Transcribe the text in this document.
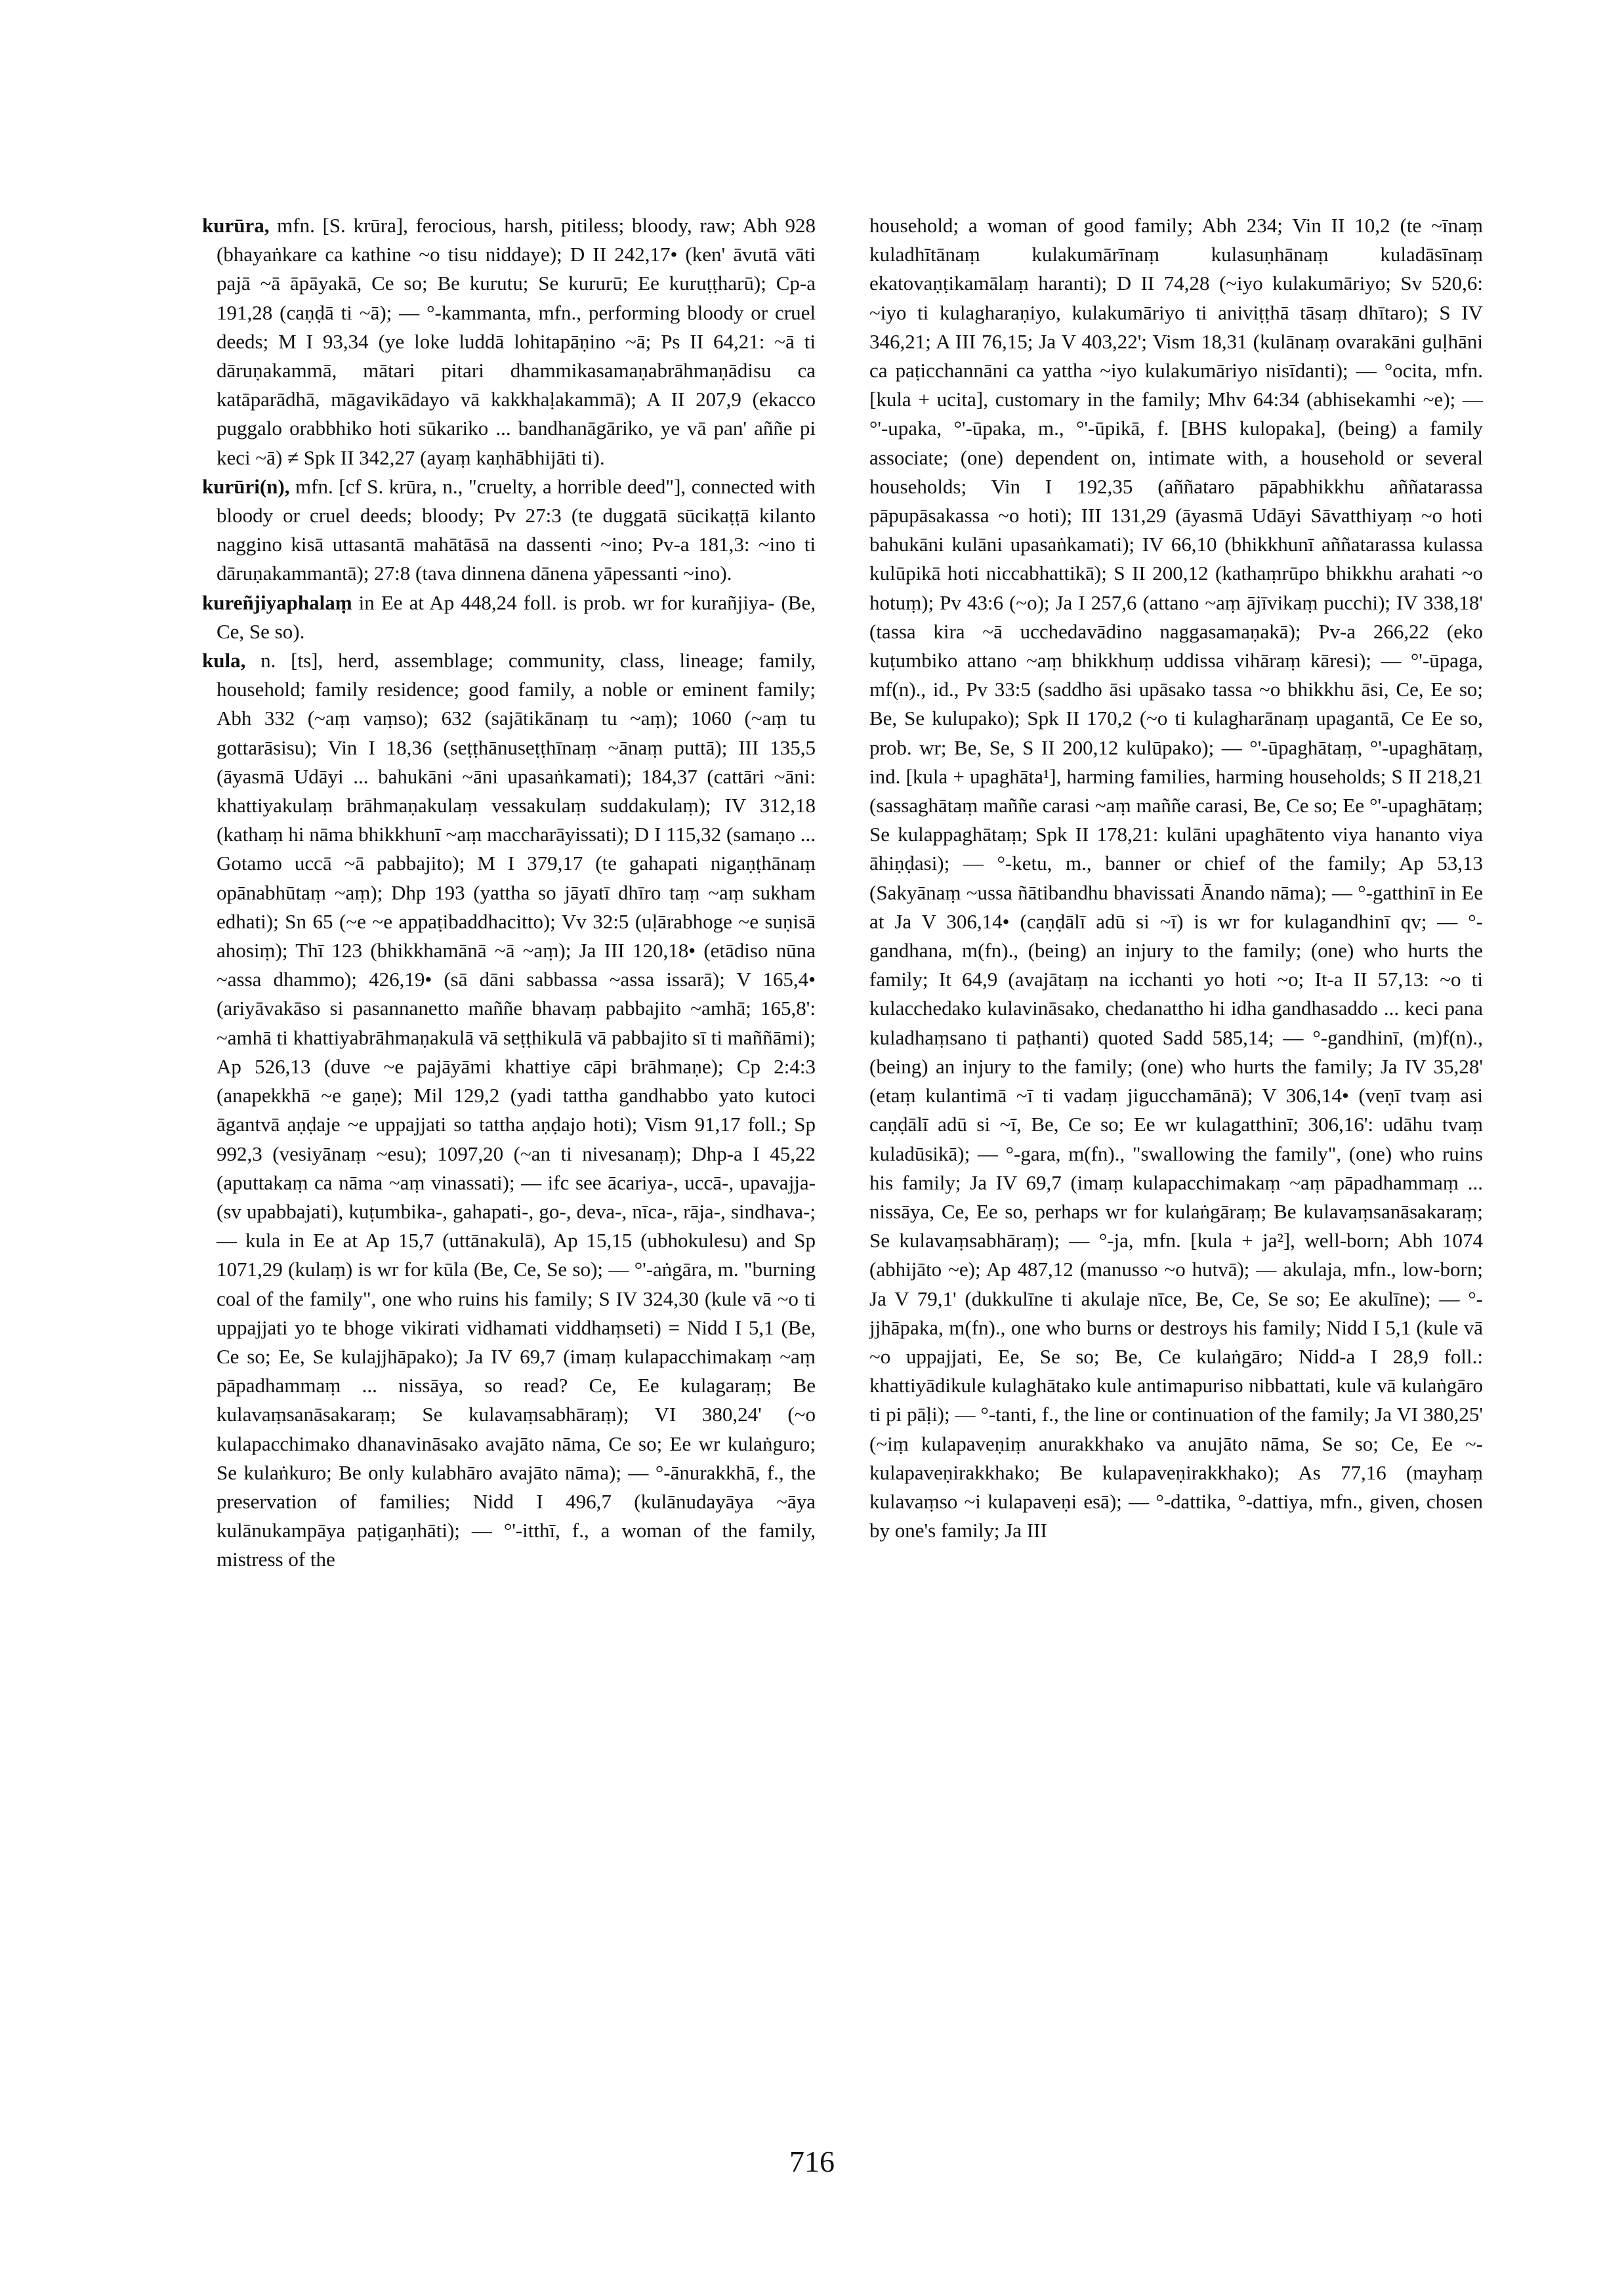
kurūra, mfn. [S. krūra], ferocious, harsh, pitiless; bloody, raw; Abh 928 (bhayaṅkare ca kathine ~o tisu niddaye); D II 242,17• (ken' āvutā vāti pajā ~ā āpāyakā, Ce so; Be kurutu; Se kururū; Ee kuruṭṭharū); Cp-a 191,28 (caṇḍā ti ~ā); — °-kammanta, mfn., performing bloody or cruel deeds; M I 93,34 (ye loke luddā lohitapāṇino ~ā; Ps II 64,21: ~ā ti dāruṇakammā, mātari pitari dhammikasamaṇabrāhmaṇādisu ca katāparādhā, māgavikādayo vā kakkhaḷakammā); A II 207,9 (ekacco puggalo orabbhiko hoti sūkariko ... bandhanāgāriko, ye vā pan' aññe pi keci ~ā) ≠ Spk II 342,27 (ayaṃ kaṇhābhijāti ti).

kurūri(n), mfn. [cf S. krūra, n., "cruelty, a horrible deed"], connected with bloody or cruel deeds; bloody; Pv 27:3 (te duggatā sūcikaṭṭā kilanto naggino kisā uttasantā mahātāsā na dassenti ~ino; Pv-a 181,3: ~ino ti dāruṇakammantā); 27:8 (tava dinnena dānena yāpessanti ~ino).

kureñjiyaphalaṃ in Ee at Ap 448,24 foll. is prob. wr for kurañjiya- (Be, Ce, Se so).

kula, n. [ts], herd, assemblage; community, class, lineage; family, household; family residence; good family, a noble or eminent family; Abh 332 (~aṃ vaṃso); 632 (sajātikānaṃ tu ~aṃ); 1060 (~aṃ tu gottarāsisu); Vin I 18,36 (seṭṭhānuseṭṭhīnaṃ ~ānaṃ puttā); III 135,5 (āyasmā Udāyi ... bahukāni ~āni upasaṅkamati); 184,37 (cattāri ~āni: khattiyakulaṃ brāhmaṇakulaṃ vessakulaṃ suddakulaṃ); IV 312,18 (kathaṃ hi nāma bhikkhunī ~aṃ maccharāyissati); D I 115,32 (samaṇo ... Gotamo uccā ~ā pabbajito); M I 379,17 (te gahapati nigaṇṭhānaṃ opānabhūtaṃ ~aṃ); Dhp 193 (yattha so jāyatī dhīro taṃ ~aṃ sukham edhati); Sn 65 (~e ~e appaṭibaddhacitto); Vv 32:5 (uḷārabhoge ~e suṇisā ahosiṃ); Thī 123 (bhikkhamānā ~ā ~aṃ); Ja III 120,18• (etādiso nūna ~assa dhammo); 426,19• (sā dāni sabbassa ~assa issarā); V 165,4• (ariyāvakāso si pasannanetto maññe bhavaṃ pabbajito ~amhā; 165,8': ~amhā ti khattiyabrāhmaṇakulā vā seṭṭhikulā vā pabbajito sī ti maññāmi); Ap 526,13 (duve ~e pajāyāmi khattiye cāpi brāhmaṇe); Cp 2:4:3 (anapekkhā ~e gaṇe); Mil 129,2 (yadi tattha gandhabbo yato kutoci āgantvā aṇḍaje ~e uppajjati so tattha aṇḍajo hoti); Vism 91,17 foll.; Sp 992,3 (vesiyānaṃ ~esu); 1097,20 (~an ti nivesanaṃ); Dhp-a I 45,22 (aputtakaṃ ca nāma ~aṃ vinassati); — ifc see ācariya-, uccā-, upavajja- (sv upabbajati), kuṭumbika-, gahapati-, go-, deva-, nīca-, rāja-, sindhava-; — kula in Ee at Ap 15,7 (uttānakulā), Ap 15,15 (ubhokulesu) and Sp 1071,29 (kulaṃ) is wr for kūla (Be, Ce, Se so); — °'-aṅgāra, m. "burning coal of the family", one who ruins his family; S IV 324,30 (kule vā ~o ti uppajjati yo te bhoge vikirati vidhamati viddhaṃseti) = Nidd I 5,1 (Be, Ce so; Ee, Se kulajjhāpako); Ja IV 69,7 (imaṃ kulapacchimakaṃ ~aṃ pāpadhammaṃ ... nissāya, so read? Ce, Ee kulagaraṃ; Be kulavaṃsanāsakaraṃ; Se kulavaṃsabhāraṃ); VI 380,24' (~o kulapacchimako dhanavināsako avajāto nāma, Ce so; Ee wr kulaṅguro; Se kulaṅkuro; Be only kulabhāro avajāto nāma); — °-ānurakkhā, f., the preservation of families; Nidd I 496,7 (kulānudayāya ~āya kulānukampāya paṭigaṇhāti); — °'-itthī, f., a woman of the family, mistress of the

household; a woman of good family; Abh 234; Vin II 10,2 (te ~īnaṃ kuladhītānaṃ kulakumārīnaṃ kulasuṇhānaṃ kuladāsīnaṃ ekatovaṇṭikamālaṃ haranti); D II 74,28 (~iyo kulakumāriyo; Sv 520,6: ~iyo ti kulagharaṇiyo, kulakumāriyo ti aniviṭṭhā tāsaṃ dhītaro); S IV 346,21; A III 76,15; Ja V 403,22'; Vism 18,31 (kulānaṃ ovarakāni guḷhāni ca paṭicchannāni ca yattha ~iyo kulakumāriyo nisīdanti); — °ocita, mfn. [kula + ucita], customary in the family; Mhv 64:34 (abhisekamhi ~e); — °'-upaka, °'-ūpaka, m., °'-ūpikā, f. [BHS kulopaka], (being) a family associate; (one) dependent on, intimate with, a household or several households; Vin I 192,35 (aññataro pāpabhikkhu aññatarassa pāpupāsakassa ~o hoti); III 131,29 (āyasmā Udāyi Sāvatthiyaṃ ~o hoti bahukāni kulāni upasaṅkamati); IV 66,10 (bhikkhunī aññatarassa kulassa kulūpikā hoti niccabhattikā); S II 200,12 (kathaṃrūpo bhikkhu arahati ~o hotuṃ); Pv 43:6 (~o); Ja I 257,6 (attano ~aṃ ājīvikaṃ pucchi); IV 338,18' (tassa kira ~ā ucchedavādino naggasamaṇakā); Pv-a 266,22 (eko kuṭumbiko attano ~aṃ bhikkhuṃ uddissa vihāraṃ kāresi); — °'-ūpaga, mf(n)., id., Pv 33:5 (saddho āsi upāsako tassa ~o bhikkhu āsi, Ce, Ee so; Be, Se kulupako); Spk II 170,2 (~o ti kulagharānaṃ upagantā, Ce Ee so, prob. wr; Be, Se, S II 200,12 kulūpako); — °'-ūpaghātaṃ, °'-upaghātaṃ, ind. [kula + upaghāta¹], harming families, harming households; S II 218,21 (sassaghātaṃ maññe carasi ~aṃ maññe carasi, Be, Ce so; Ee °'-upaghātaṃ; Se kulappaghātaṃ; Spk II 178,21: kulāni upaghātento viya hananto viya āhiṇḍasi); — °-ketu, m., banner or chief of the family; Ap 53,13 (Sakyānaṃ ~ussa ñātibandhu bhavissati Ānando nāma); — °-gatthinī in Ee at Ja V 306,14• (caṇḍālī adū si ~ī) is wr for kulagandhinī qv; — °-gandhana, m(fn)., (being) an injury to the family; (one) who hurts the family; It 64,9 (avajātaṃ na icchanti yo hoti ~o; It-a II 57,13: ~o ti kulacchedako kulavināsako, chedanattho hi idha gandhasaddo ... keci pana kuladhaṃsano ti paṭhanti) quoted Sadd 585,14; — °-gandhinī, (m)f(n)., (being) an injury to the family; (one) who hurts the family; Ja IV 35,28' (etaṃ kulantimā ~ī ti vadaṃ jigucchamānā); V 306,14• (veṇī tvaṃ asi caṇḍālī adū si ~ī, Be, Ce so; Ee wr kulagatthinī; 306,16': udāhu tvaṃ kuladūsikā); — °-gara, m(fn)., "swallowing the family", (one) who ruins his family; Ja IV 69,7 (imaṃ kulapacchimakaṃ ~aṃ pāpadhammaṃ ... nissāya, Ce, Ee so, perhaps wr for kulaṅgāraṃ; Be kulavaṃsanāsakaraṃ; Se kulavaṃsabhāraṃ); — °-ja, mfn. [kula + ja²], well-born; Abh 1074 (abhijāto ~e); Ap 487,12 (manusso ~o hutvā); — akulaja, mfn., low-born; Ja V 79,1' (dukkulīne ti akulaje nīce, Be, Ce, Se so; Ee akulīne); — °-jjhāpaka, m(fn)., one who burns or destroys his family; Nidd I 5,1 (kule vā ~o uppajjati, Ee, Se so; Be, Ce kulaṅgāro; Nidd-a I 28,9 foll.: khattiyādikule kulaghātako kule antimapuriso nibbattati, kule vā kulaṅgāro ti pi pāḷi); — °-tanti, f., the line or continuation of the family; Ja VI 380,25' (~iṃ kulapaveṇiṃ anurakkhako va anujāto nāma, Se so; Ce, Ee ~-kulapaveṇirakkhako; Be kulapaveṇirakkhako); As 77,16 (mayhaṃ kulavaṃso ~i kulapaveṇi esā); — °-dattika, °-dattiya, mfn., given, chosen by one's family; Ja III

716
